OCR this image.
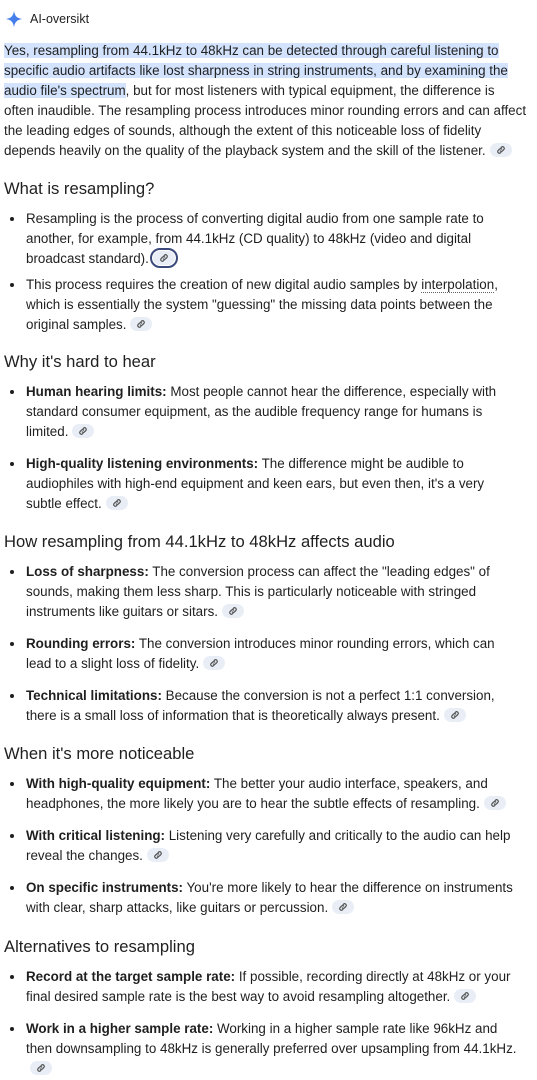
AI-oversikt

Yes, resampling from 44.1kHz to 48kHz can be detected through careful listening to specific audio artifacts like lost sharpness in string instruments, and by examining the audio file's spectrum, but for most listeners with typical equipment, the difference is often inaudible. The resampling process introduces minor rounding errors and can affect the leading edges of sounds, although the extent of this noticeable loss of fidelity depends heavily on the quality of the playback system and the skill of the listener.

What is resampling?
Resampling is the process of converting digital audio from one sample rate to another, for example, from 44.1kHz (CD quality) to 48kHz (video and digital broadcast standard).
This process requires the creation of new digital audio samples by interpolation, which is essentially the system "guessing" the missing data points between the original samples.
Why it's hard to hear
Human hearing limits: Most people cannot hear the difference, especially with standard consumer equipment, as the audible frequency range for humans is limited.
High-quality listening environments: The difference might be audible to audiophiles with high-end equipment and keen ears, but even then, it's a very subtle effect.
How resampling from 44.1kHz to 48kHz affects audio
Loss of sharpness: The conversion process can affect the "leading edges" of sounds, making them less sharp. This is particularly noticeable with stringed instruments like guitars or sitars.
Rounding errors: The conversion introduces minor rounding errors, which can lead to a slight loss of fidelity.
Technical limitations: Because the conversion is not a perfect 1:1 conversion, there is a small loss of information that is theoretically always present.
When it's more noticeable
With high-quality equipment: The better your audio interface, speakers, and headphones, the more likely you are to hear the subtle effects of resampling.
With critical listening: Listening very carefully and critically to the audio can help reveal the changes.
On specific instruments: You're more likely to hear the difference on instruments with clear, sharp attacks, like guitars or percussion.
Alternatives to resampling
Record at the target sample rate: If possible, recording directly at 48kHz or your final desired sample rate is the best way to avoid resampling altogether.
Work in a higher sample rate: Working in a higher sample rate like 96kHz and then downsampling to 48kHz is generally preferred over upsampling from 44.1kHz.
